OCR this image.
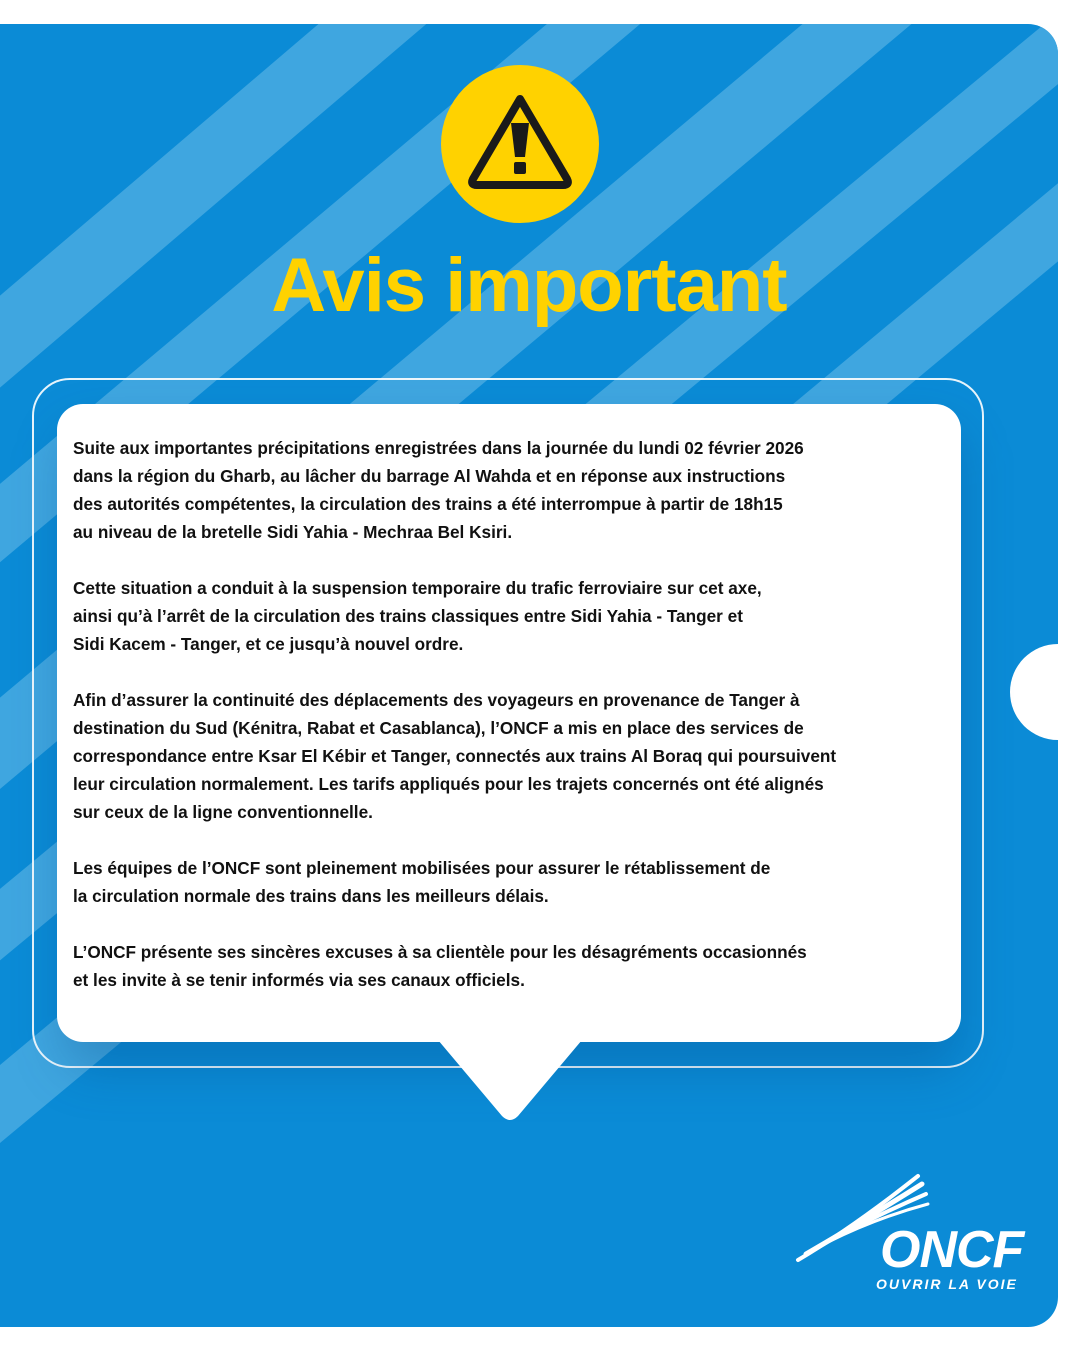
Avis important

Suite aux importantes précipitations enregistrées dans la journée du lundi 02 février 2026
dans la région du Gharb, au lâcher du barrage Al Wahda et en réponse aux instructions
des autorités compétentes, la circulation des trains a été interrompue à partir de 18h15
au niveau de la bretelle Sidi Yahia - Mechraa Bel Ksiri.

Cette situation a conduit à la suspension temporaire du trafic ferroviaire sur cet axe,
ainsi qu’à l’arrêt de la circulation des trains classiques entre Sidi Yahia - Tanger et
Sidi Kacem - Tanger, et ce jusqu’à nouvel ordre.

Afin d’assurer la continuité des déplacements des voyageurs en provenance de Tanger à
destination du Sud (Kénitra, Rabat et Casablanca), l’ONCF a mis en place des services de
correspondance entre Ksar El Kébir et Tanger, connectés aux trains Al Boraq qui poursuivent
leur circulation normalement. Les tarifs appliqués pour les trajets concernés ont été alignés
sur ceux de la ligne conventionnelle.

Les équipes de l’ONCF sont pleinement mobilisées pour assurer le rétablissement de
la circulation normale des trains dans les meilleurs délais.

L’ONCF présente ses sincères excuses à sa clientèle pour les désagréments occasionnés
et les invite à se tenir informés via ses canaux officiels.

ONCF
OUVRIR LA VOIE
